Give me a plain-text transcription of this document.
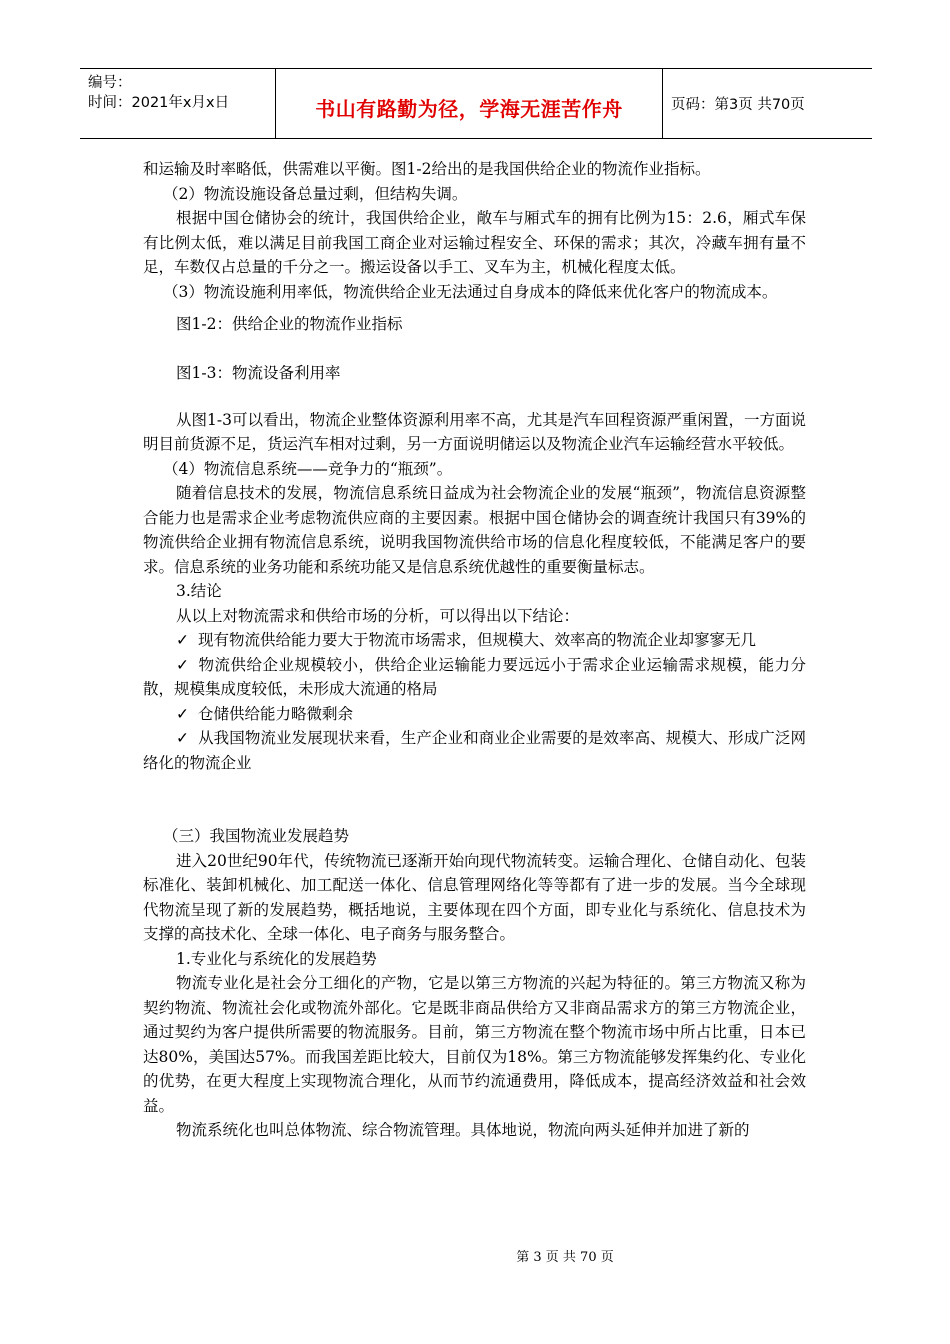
编号：
时间：2021年x月x日	书山有路勤为径，学海无涯苦作舟	页码：第3页 共70页

和运输及时率略低，供需难以平衡。图1-2给出的是我国供给企业的物流作业指标。

（2）物流设施设备总量过剩，但结构失调。

根据中国仓储协会的统计，我国供给企业，敞车与厢式车的拥有比例为15：2.6，厢式车保有比例太低，难以满足目前我国工商企业对运输过程安全、环保的需求；其次，冷藏车拥有量不足，车数仅占总量的千分之一。搬运设备以手工、叉车为主，机械化程度太低。

（3）物流设施利用率低，物流供给企业无法通过自身成本的降低来优化客户的物流成本。

图1-2：供给企业的物流作业指标

图1-3：物流设备利用率

从图1-3可以看出，物流企业整体资源利用率不高，尤其是汽车回程资源严重闲置，一方面说明目前货源不足，货运汽车相对过剩，另一方面说明储运以及物流企业汽车运输经营水平较低。

（4）物流信息系统——竞争力的“瓶颈”。

随着信息技术的发展，物流信息系统日益成为社会物流企业的发展“瓶颈”，物流信息资源整合能力也是需求企业考虑物流供应商的主要因素。根据中国仓储协会的调查统计我国只有39%的物流供给企业拥有物流信息系统，说明我国物流供给市场的信息化程度较低，不能满足客户的要求。信息系统的业务功能和系统功能又是信息系统优越性的重要衡量标志。

3.结论

从以上对物流需求和供给市场的分析，可以得出以下结论：

✓ 现有物流供给能力要大于物流市场需求，但规模大、效率高的物流企业却寥寥无几

✓ 物流供给企业规模较小，供给企业运输能力要远远小于需求企业运输需求规模，能力分散，规模集成度较低，未形成大流通的格局

✓ 仓储供给能力略微剩余

✓ 从我国物流业发展现状来看，生产企业和商业企业需要的是效率高、规模大、形成广泛网络化的物流企业

（三）我国物流业发展趋势

进入20世纪90年代，传统物流已逐渐开始向现代物流转变。运输合理化、仓储自动化、包装标准化、装卸机械化、加工配送一体化、信息管理网络化等等都有了进一步的发展。当今全球现代物流呈现了新的发展趋势，概括地说，主要体现在四个方面，即专业化与系统化、信息技术为支撑的高技术化、全球一体化、电子商务与服务整合。

1.专业化与系统化的发展趋势

物流专业化是社会分工细化的产物，它是以第三方物流的兴起为特征的。第三方物流又称为契约物流、物流社会化或物流外部化。它是既非商品供给方又非商品需求方的第三方物流企业，通过契约为客户提供所需要的物流服务。目前，第三方物流在整个物流市场中所占比重，日本已达80%，美国达57%。而我国差距比较大，目前仅为18%。第三方物流能够发挥集约化、专业化的优势，在更大程度上实现物流合理化，从而节约流通费用，降低成本，提高经济效益和社会效益。

物流系统化也叫总体物流、综合物流管理。具体地说，物流向两头延伸并加进了新的

第 3 页 共 70 页
